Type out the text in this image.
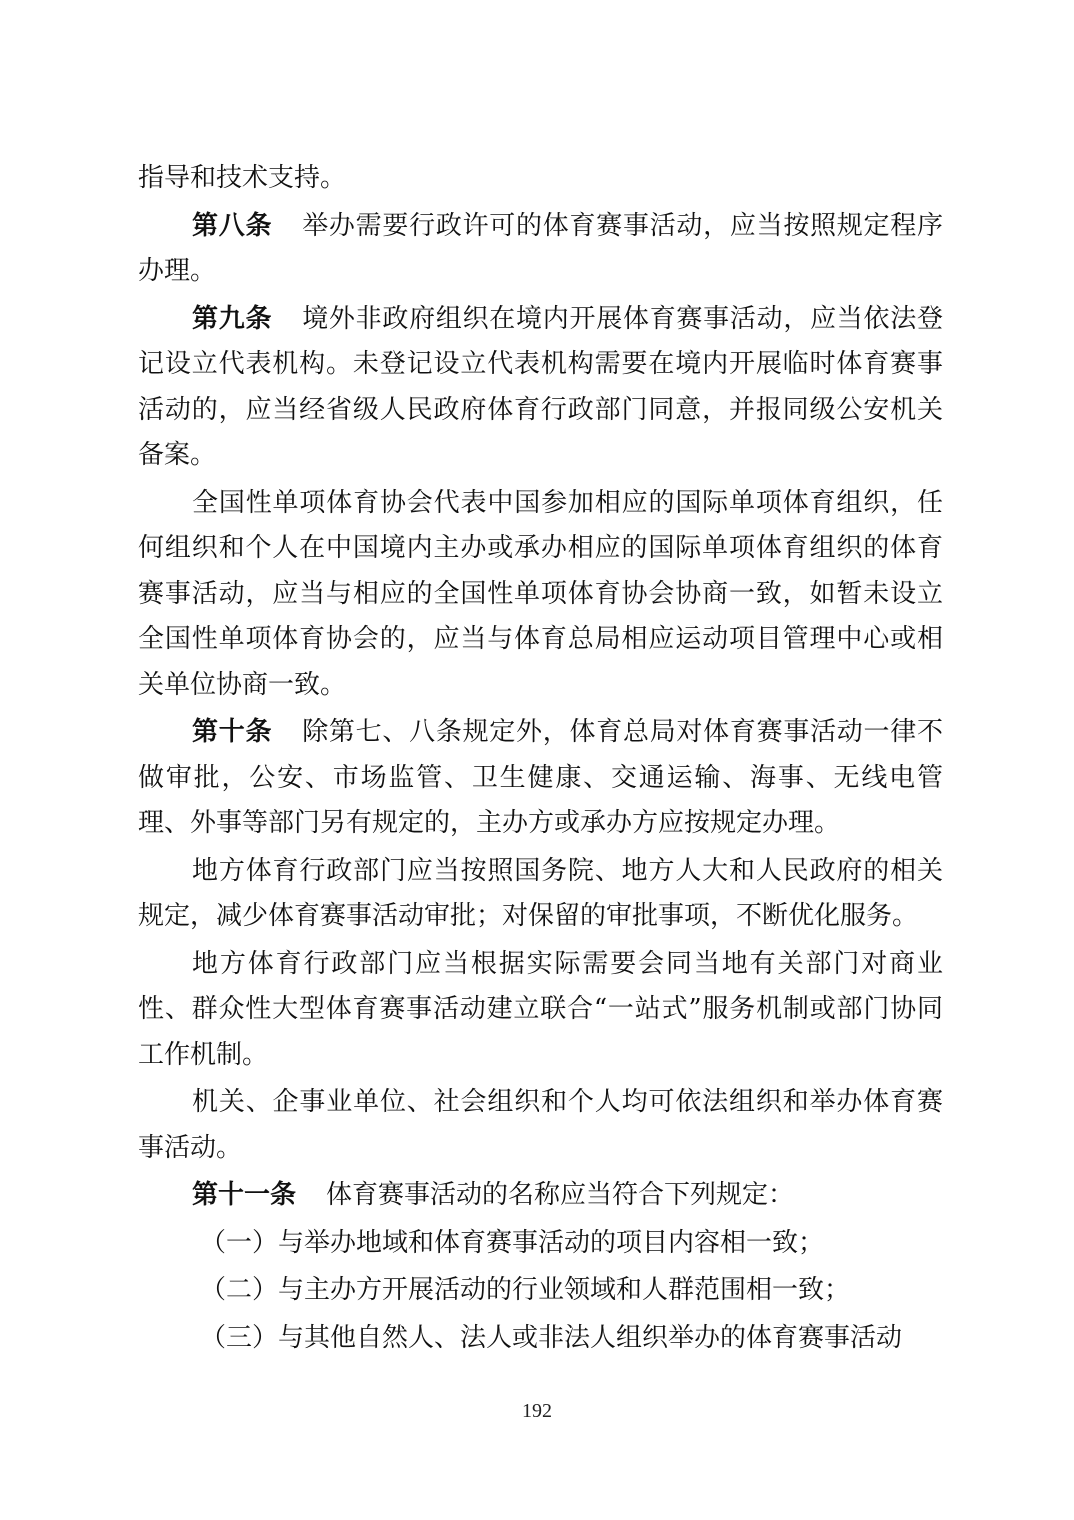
指导和技术支持。

第八条 举办需要行政许可的体育赛事活动，应当按照规定程序办理。

第九条 境外非政府组织在境内开展体育赛事活动，应当依法登记设立代表机构。未登记设立代表机构需要在境内开展临时体育赛事活动的，应当经省级人民政府体育行政部门同意，并报同级公安机关备案。

全国性单项体育协会代表中国参加相应的国际单项体育组织，任何组织和个人在中国境内主办或承办相应的国际单项体育组织的体育赛事活动，应当与相应的全国性单项体育协会协商一致，如暂未设立全国性单项体育协会的，应当与体育总局相应运动项目管理中心或相关单位协商一致。

第十条 除第七、八条规定外，体育总局对体育赛事活动一律不做审批，公安、市场监管、卫生健康、交通运输、海事、无线电管理、外事等部门另有规定的，主办方或承办方应按规定办理。

地方体育行政部门应当按照国务院、地方人大和人民政府的相关规定，减少体育赛事活动审批；对保留的审批事项，不断优化服务。

地方体育行政部门应当根据实际需要会同当地有关部门对商业性、群众性大型体育赛事活动建立联合“一站式”服务机制或部门协同工作机制。

机关、企事业单位、社会组织和个人均可依法组织和举办体育赛事活动。

第十一条 体育赛事活动的名称应当符合下列规定：

（一）与举办地域和体育赛事活动的项目内容相一致；

（二）与主办方开展活动的行业领域和人群范围相一致；

（三）与其他自然人、法人或非法人组织举办的体育赛事活动

192
